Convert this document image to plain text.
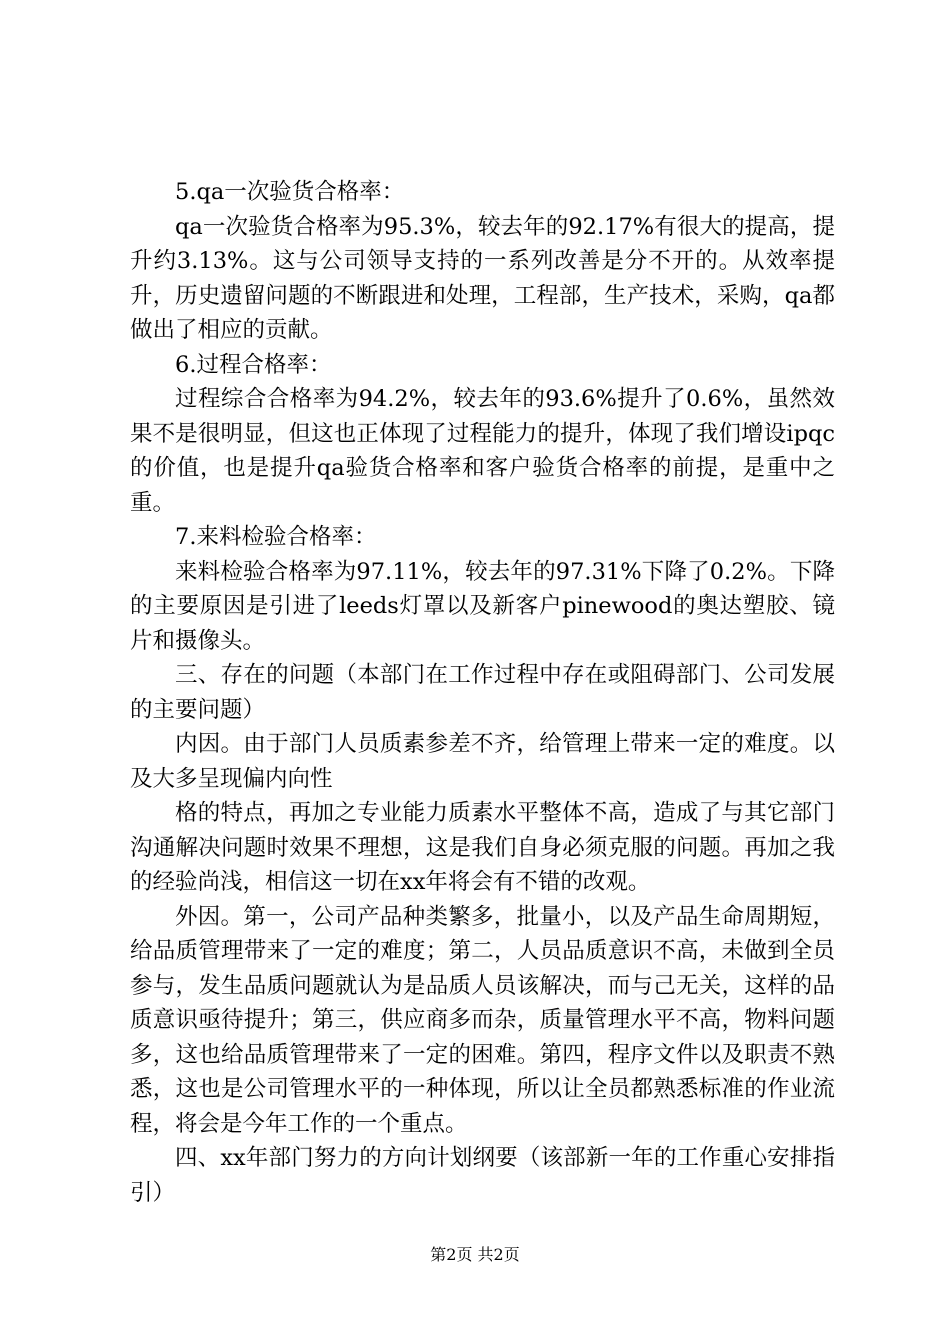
5.qa一次验货合格率：

qa一次验货合格率为95.3%，较去年的92.17%有很大的提高，提升约3.13%。这与公司领导支持的一系列改善是分不开的。从效率提升，历史遗留问题的不断跟进和处理，工程部，生产技术，采购，qa都做出了相应的贡献。

6.过程合格率：

过程综合合格率为94.2%，较去年的93.6%提升了0.6%，虽然效果不是很明显，但这也正体现了过程能力的提升，体现了我们增设ipqc的价值，也是提升qa验货合格率和客户验货合格率的前提，是重中之重。

7.来料检验合格率：

来料检验合格率为97.11%，较去年的97.31%下降了0.2%。下降的主要原因是引进了leeds灯罩以及新客户pinewood的奥达塑胶、镜片和摄像头。

三、存在的问题（本部门在工作过程中存在或阻碍部门、公司发展的主要问题）

内因。由于部门人员质素参差不齐，给管理上带来一定的难度。以及大多呈现偏内向性

格的特点，再加之专业能力质素水平整体不高，造成了与其它部门沟通解决问题时效果不理想，这是我们自身必须克服的问题。再加之我的经验尚浅，相信这一切在xx年将会有不错的改观。

外因。第一，公司产品种类繁多，批量小，以及产品生命周期短，给品质管理带来了一定的难度；第二，人员品质意识不高，未做到全员参与，发生品质问题就认为是品质人员该解决，而与己无关，这样的品质意识亟待提升；第三，供应商多而杂，质量管理水平不高，物料问题多，这也给品质管理带来了一定的困难。第四，程序文件以及职责不熟悉，这也是公司管理水平的一种体现，所以让全员都熟悉标准的作业流程，将会是今年工作的一个重点。

四、xx年部门努力的方向计划纲要（该部新一年的工作重心安排指引）

第2页 共2页
